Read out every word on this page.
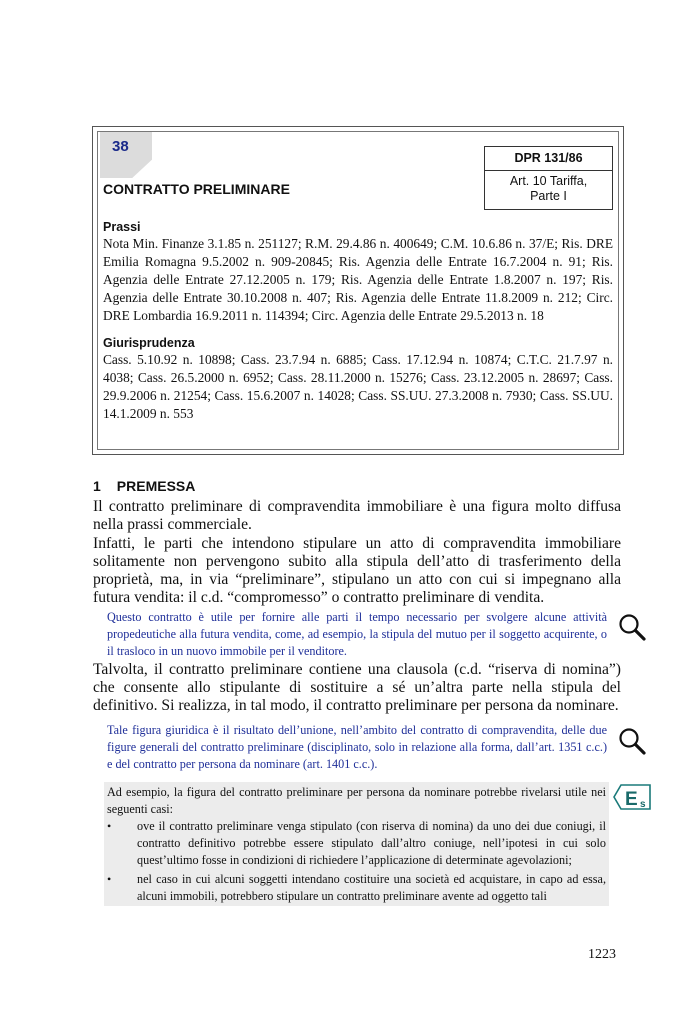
38
DPR 131/86
Art. 10 Tariffa,
Parte I
CONTRATTO PRELIMINARE
Prassi
Nota Min. Finanze 3.1.85 n. 251127; R.M. 29.4.86 n. 400649; C.M. 10.6.86 n. 37/E; Ris. DRE Emilia Romagna 9.5.2002 n. 909-20845; Ris. Agenzia delle Entrate 16.7.2004 n. 91; Ris. Agenzia delle Entrate 27.12.2005 n. 179; Ris. Agenzia delle Entrate 1.8.2007 n. 197; Ris. Agenzia delle Entrate 30.10.2008 n. 407; Ris. Agenzia delle Entrate 11.8.2009 n. 212; Circ. DRE Lombardia 16.9.2011 n. 114394; Circ. Agenzia delle Entrate 29.5.2013 n. 18
Giurisprudenza
Cass. 5.10.92 n. 10898; Cass. 23.7.94 n. 6885; Cass. 17.12.94 n. 10874; C.T.C. 21.7.97 n. 4038; Cass. 26.5.2000 n. 6952; Cass. 28.11.2000 n. 15276; Cass. 23.12.2005 n. 28697; Cass. 29.9.2006 n. 21254; Cass. 15.6.2007 n. 14028; Cass. SS.UU. 27.3.2008 n. 7930; Cass. SS.UU. 14.1.2009 n. 553
1 PREMESSA

Il contratto preliminare di compravendita immobiliare è una figura molto diffusa nella prassi commerciale.

Infatti, le parti che intendono stipulare un atto di compravendita immobiliare solitamente non pervengono subito alla stipula dell’atto di trasferimento della proprietà, ma, in via “preliminare”, stipulano un atto con cui si impegnano alla futura vendita: il c.d. “compromesso” o contratto preliminare di vendita.

Questo contratto è utile per fornire alle parti il tempo necessario per svolgere alcune attività propedeutiche alla futura vendita, come, ad esempio, la stipula del mutuo per il soggetto acquirente, o il trasloco in un nuovo immobile per il venditore.

Talvolta, il contratto preliminare contiene una clausola (c.d. “riserva di nomina”) che consente allo stipulante di sostituire a sé un’altra parte nella stipula del definitivo. Si realizza, in tal modo, il contratto preliminare per persona da nominare.

Tale figura giuridica è il risultato dell’unione, nell’ambito del contratto di compravendita, delle due figure generali del contratto preliminare (disciplinato, solo in relazione alla forma, dall’art. 1351 c.c.) e del contratto per persona da nominare (art. 1401 c.c.).

Ad esempio, la figura del contratto preliminare per persona da nominare potrebbe rivelarsi utile nei seguenti casi:

• ove il contratto preliminare venga stipulato (con riserva di nomina) da uno dei due coniugi, il contratto definitivo potrebbe essere stipulato dall’altro coniuge, nell’ipotesi in cui solo quest’ultimo fosse in condizioni di richiedere l’applicazione di determinate agevolazioni;
• nel caso in cui alcuni soggetti intendano costituire una società ed acquistare, in capo ad essa, alcuni immobili, potrebbero stipulare un contratto preliminare avente ad oggetto tali
E s
1223
